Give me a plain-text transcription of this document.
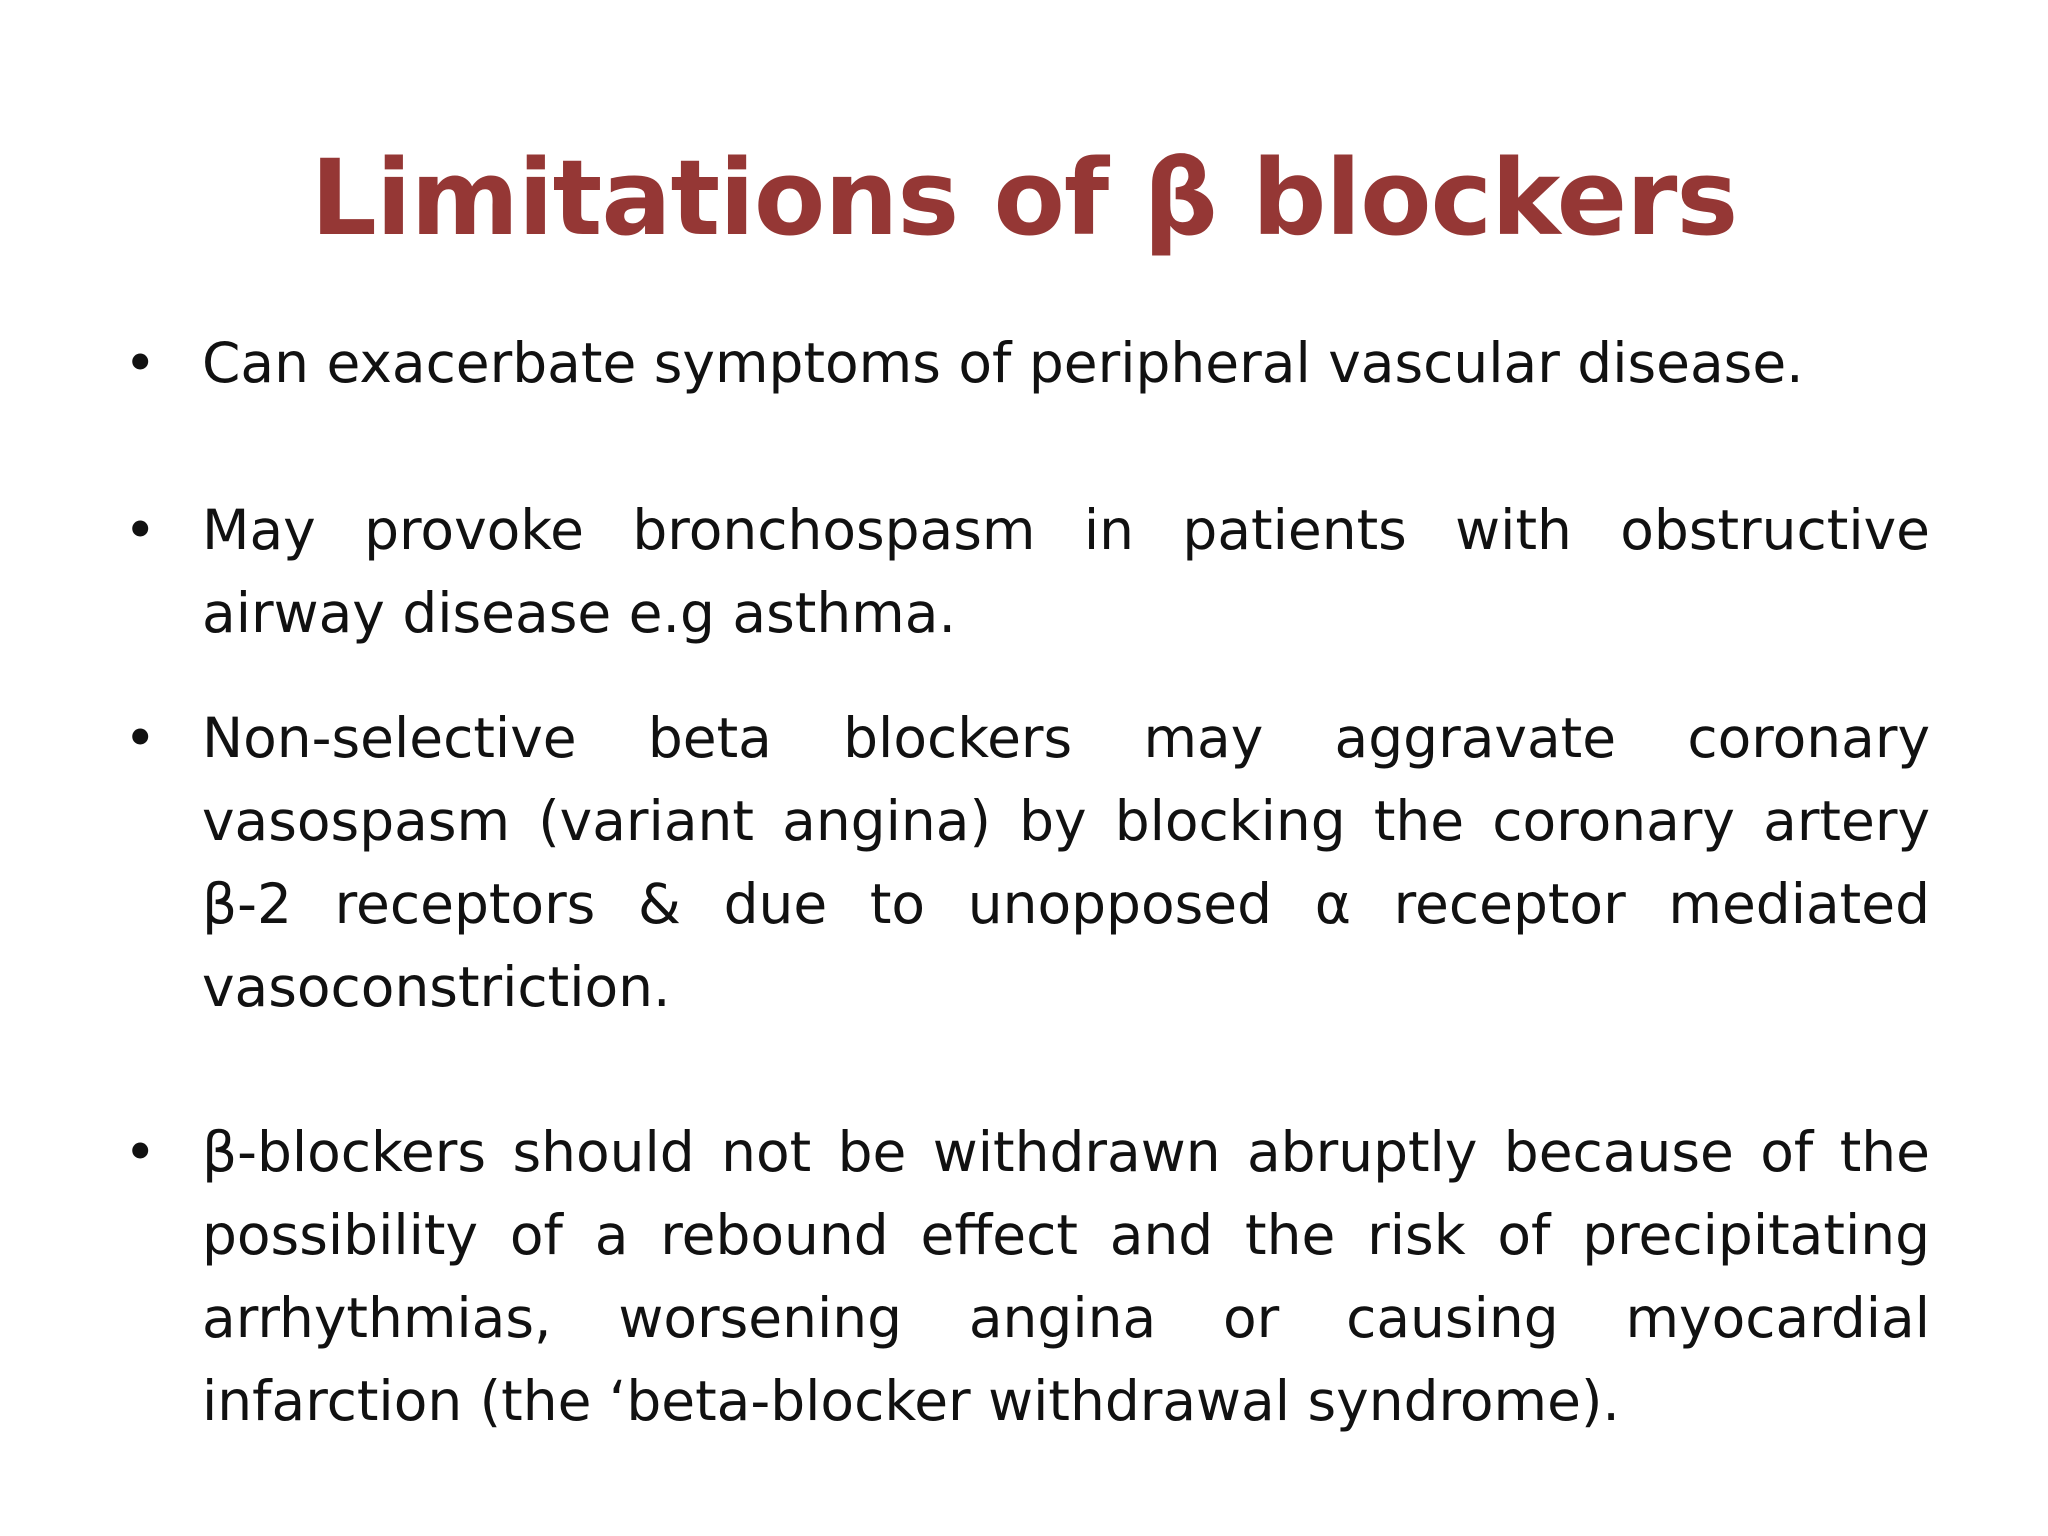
Limitations of β blockers
• Can exacerbate symptoms of peripheral vascular disease.
• May provoke bronchospasm in patients with obstructive airway disease e.g asthma.
• Non-selective beta blockers may aggravate coronary vasospasm (variant angina) by blocking the coronary artery β-2 receptors & due to unopposed α receptor mediated vasoconstriction.
• β-blockers should not be withdrawn abruptly because of the possibility of a rebound effect and the risk of precipitating arrhythmias, worsening angina or causing myocardial infarction (the ‘beta-blocker withdrawal syndrome).
